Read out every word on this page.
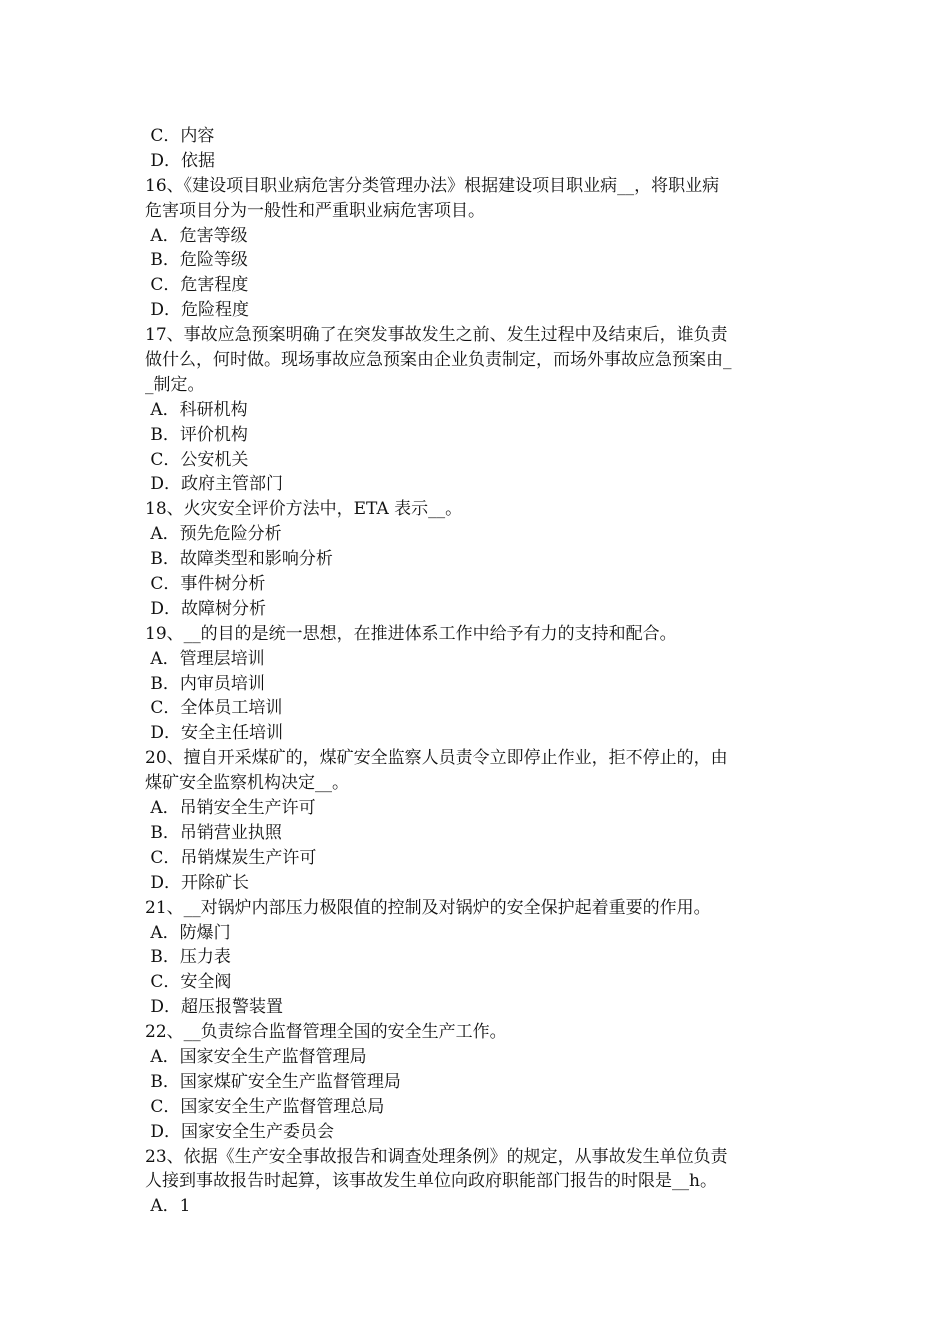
C．内容
D．依据
16、《建设项目职业病危害分类管理办法》根据建设项目职业病__，将职业病
危害项目分为一般性和严重职业病危害项目。
A．危害等级
B．危险等级
C．危害程度
D．危险程度
17、事故应急预案明确了在突发事故发生之前、发生过程中及结束后，谁负责
做什么，何时做。现场事故应急预案由企业负责制定，而场外事故应急预案由_
_制定。
A．科研机构
B．评价机构
C．公安机关
D．政府主管部门
18、火灾安全评价方法中，ETA 表示__。
A．预先危险分析
B．故障类型和影响分析
C．事件树分析
D．故障树分析
19、__的目的是统一思想，在推进体系工作中给予有力的支持和配合。
A．管理层培训
B．内审员培训
C．全体员工培训
D．安全主任培训
20、擅自开采煤矿的，煤矿安全监察人员责令立即停止作业，拒不停止的，由
煤矿安全监察机构决定__。
A．吊销安全生产许可
B．吊销营业执照
C．吊销煤炭生产许可
D．开除矿长
21、__对锅炉内部压力极限值的控制及对锅炉的安全保护起着重要的作用。
A．防爆门
B．压力表
C．安全阀
D．超压报警装置
22、__负责综合监督管理全国的安全生产工作。
A．国家安全生产监督管理局
B．国家煤矿安全生产监督管理局
C．国家安全生产监督管理总局
D．国家安全生产委员会
23、依据《生产安全事故报告和调查处理条例》的规定，从事故发生单位负责
人接到事故报告时起算，该事故发生单位向政府职能部门报告的时限是__h。
A．1
